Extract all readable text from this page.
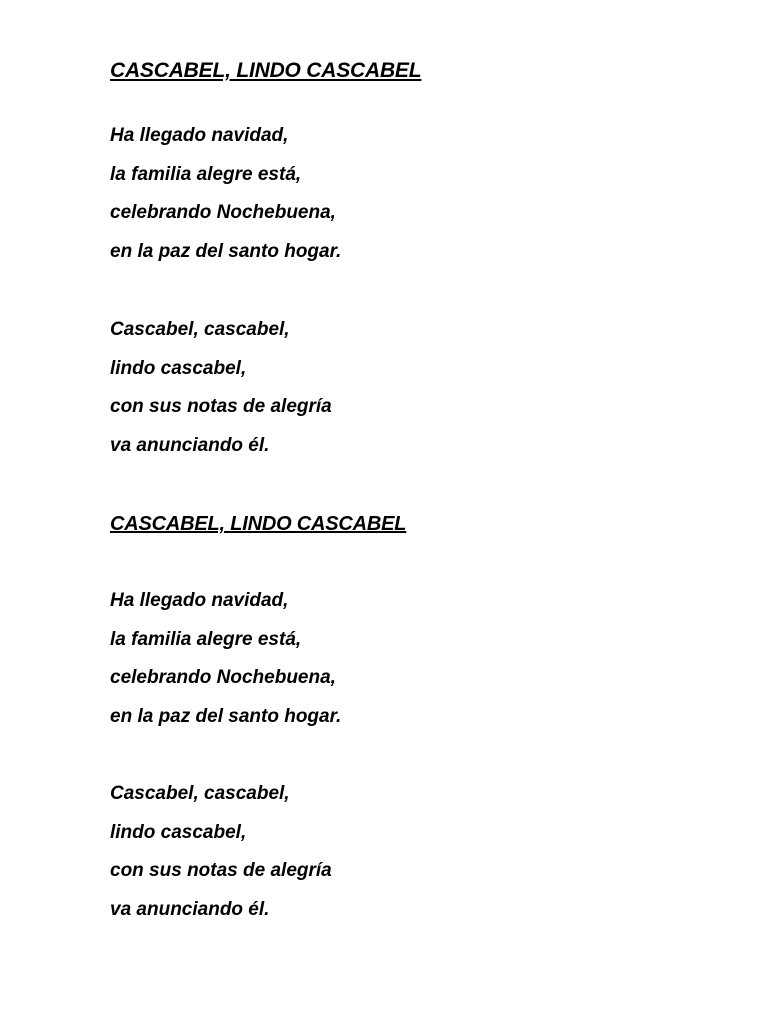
CASCABEL, LINDO CASCABEL

Ha llegado navidad,

la familia alegre está,

celebrando Nochebuena,

en la paz del santo hogar.

Cascabel, cascabel,

lindo cascabel,

con sus notas de alegría

va anunciando él.

CASCABEL, LINDO CASCABEL

Ha llegado navidad,

la familia alegre está,

celebrando Nochebuena,

en la paz del santo hogar.

Cascabel, cascabel,

lindo cascabel,

con sus notas de alegría

va anunciando él.
